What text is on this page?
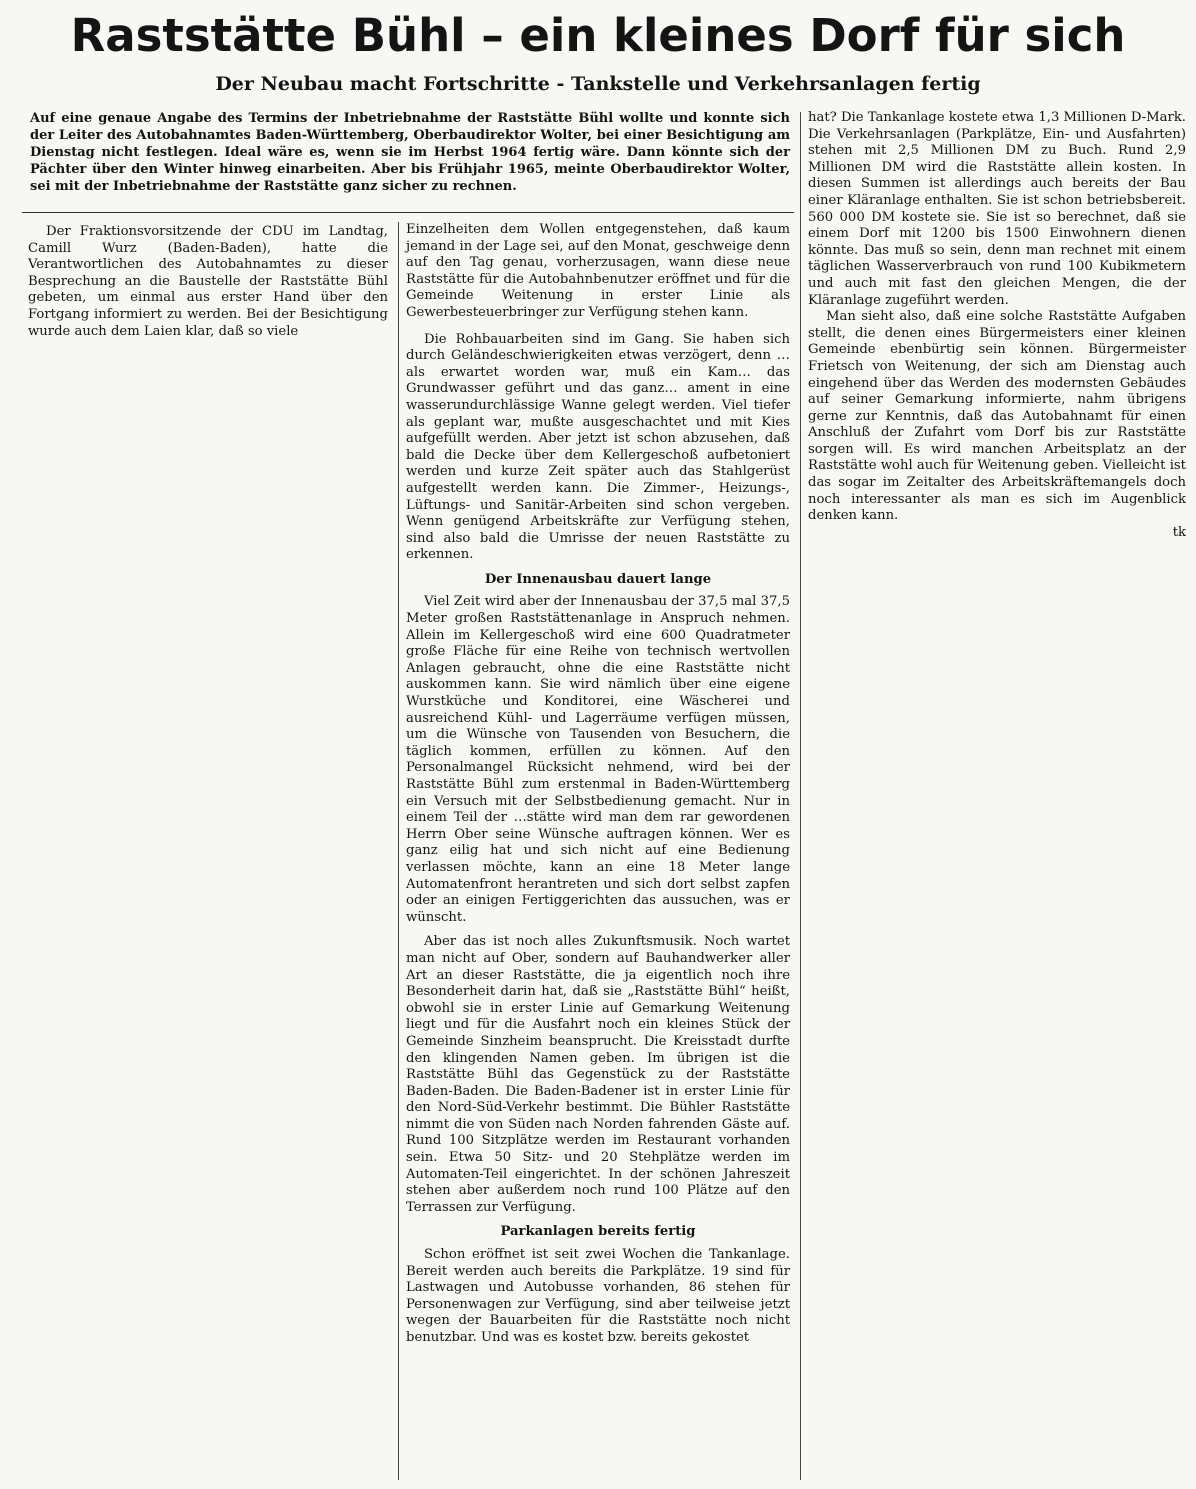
Raststätte Bühl – ein kleines Dorf für sich
Der Neubau macht Fortschritte - Tankstelle und Verkehrsanlagen fertig

Auf eine genaue Angabe des Termins der Inbetriebnahme der Raststätte Bühl wollte und konnte sich der Leiter des Autobahnamtes Baden-Württemberg, Oberbaudirektor Wolter, bei einer Besichtigung am Dienstag nicht festlegen. Ideal wäre es, wenn sie im Herbst 1964 fertig wäre. Dann könnte sich der Pächter über den Winter hinweg einarbeiten. Aber bis Frühjahr 1965, meinte Oberbaudirektor Wolter, sei mit der Inbetriebnahme der Raststätte ganz sicher zu rechnen.

Der Fraktionsvorsitzende der CDU im Landtag, Camill Wurz (Baden-Baden), hatte die Verantwortlichen des Autobahnamtes zu dieser Besprechung an die Baustelle der Raststätte Bühl gebeten, um einmal aus erster Hand über den Fortgang informiert zu werden. Bei der Besichtigung wurde auch dem Laien klar, daß so viele

Einzelheiten dem Wollen entgegenstehen, daß kaum jemand in der Lage sei, auf den Monat, geschweige denn auf den Tag genau, vorherzusagen, wann diese neue Raststätte für die Autobahnbenutzer eröffnet und für die Gemeinde Weitenung in erster Linie als Gewerbesteuerbringer zur Verfügung stehen kann.

Die Rohbauarbeiten sind im Gang. Sie haben sich durch Geländeschwierigkeiten etwas verzögert, denn … als erwartet worden war, muß ein Kam… das Grundwasser geführt und das ganz… ament in eine wasserundurchlässige Wanne gelegt werden. Viel tiefer als geplant war, mußte ausgeschachtet und mit Kies aufgefüllt werden. Aber jetzt ist schon abzusehen, daß bald die Decke über dem Kellergeschoß aufbetoniert werden und kurze Zeit später auch das Stahlgerüst aufgestellt werden kann. Die Zimmer-, Heizungs-, Lüftungs- und Sanitär-Arbeiten sind schon vergeben. Wenn genügend Arbeitskräfte zur Verfügung stehen, sind also bald die Umrisse der neuen Raststätte zu erkennen.

Der Innenausbau dauert lange

Viel Zeit wird aber der Innenausbau der 37,5 mal 37,5 Meter großen Raststättenanlage in Anspruch nehmen. Allein im Kellergeschoß wird eine 600 Quadratmeter große Fläche für eine Reihe von technisch wertvollen Anlagen gebraucht, ohne die eine Raststätte nicht auskommen kann. Sie wird nämlich über eine eigene Wurstküche und Konditorei, eine Wäscherei und ausreichend Kühl- und Lagerräume verfügen müssen, um die Wünsche von Tausenden von Besuchern, die täglich kommen, erfüllen zu können. Auf den Personalmangel Rücksicht nehmend, wird bei der Raststätte Bühl zum erstenmal in Baden-Württemberg ein Versuch mit der Selbstbedienung gemacht. Nur in einem Teil der …stätte wird man dem rar gewordenen Herrn Ober seine Wünsche auftragen können. Wer es ganz eilig hat und sich nicht auf eine Bedienung verlassen möchte, kann an eine 18 Meter lange Automatenfront herantreten und sich dort selbst zapfen oder an einigen Fertiggerichten das aussuchen, was er wünscht.

Aber das ist noch alles Zukunftsmusik. Noch wartet man nicht auf Ober, sondern auf Bauhandwerker aller Art an dieser Raststätte, die ja eigentlich noch ihre Besonderheit darin hat, daß sie „Raststätte Bühl“ heißt, obwohl sie in erster Linie auf Gemarkung Weitenung liegt und für die Ausfahrt noch ein kleines Stück der Gemeinde Sinzheim beansprucht. Die Kreisstadt durfte den klingenden Namen geben. Im übrigen ist die Raststätte Bühl das Gegenstück zu der Raststätte Baden-Baden. Die Baden-Badener ist in erster Linie für den Nord-Süd-Verkehr bestimmt. Die Bühler Raststätte nimmt die von Süden nach Norden fahrenden Gäste auf. Rund 100 Sitzplätze werden im Restaurant vorhanden sein. Etwa 50 Sitz- und 20 Stehplätze werden im Automaten-Teil eingerichtet. In der schönen Jahreszeit stehen aber außerdem noch rund 100 Plätze auf den Terrassen zur Verfügung.

Parkanlagen bereits fertig

Schon eröffnet ist seit zwei Wochen die Tankanlage. Bereit werden auch bereits die Parkplätze. 19 sind für Lastwagen und Autobusse vorhanden, 86 stehen für Personenwagen zur Verfügung, sind aber teilweise jetzt wegen der Bauarbeiten für die Raststätte noch nicht benutzbar. Und was es kostet bzw. bereits gekostet

hat? Die Tankanlage kostete etwa 1,3 Millionen D-Mark. Die Verkehrsanlagen (Parkplätze, Ein- und Ausfahrten) stehen mit 2,5 Millionen DM zu Buch. Rund 2,9 Millionen DM wird die Raststätte allein kosten. In diesen Summen ist allerdings auch bereits der Bau einer Kläranlage enthalten. Sie ist schon betriebsbereit. 560 000 DM kostete sie. Sie ist so berechnet, daß sie einem Dorf mit 1200 bis 1500 Einwohnern dienen könnte. Das muß so sein, denn man rechnet mit einem täglichen Wasserverbrauch von rund 100 Kubikmetern und auch mit fast den gleichen Mengen, die der Kläranlage zugeführt werden.

Man sieht also, daß eine solche Raststätte Aufgaben stellt, die denen eines Bürgermeisters einer kleinen Gemeinde ebenbürtig sein können. Bürgermeister Frietsch von Weitenung, der sich am Dienstag auch eingehend über das Werden des modernsten Gebäudes auf seiner Gemarkung informierte, nahm übrigens gerne zur Kenntnis, daß das Autobahnamt für einen Anschluß der Zufahrt vom Dorf bis zur Raststätte sorgen will. Es wird manchen Arbeitsplatz an der Raststätte wohl auch für Weitenung geben. Vielleicht ist das sogar im Zeitalter des Arbeitskräftemangels doch noch interessanter als man es sich im Augenblick denken kann.

tk
